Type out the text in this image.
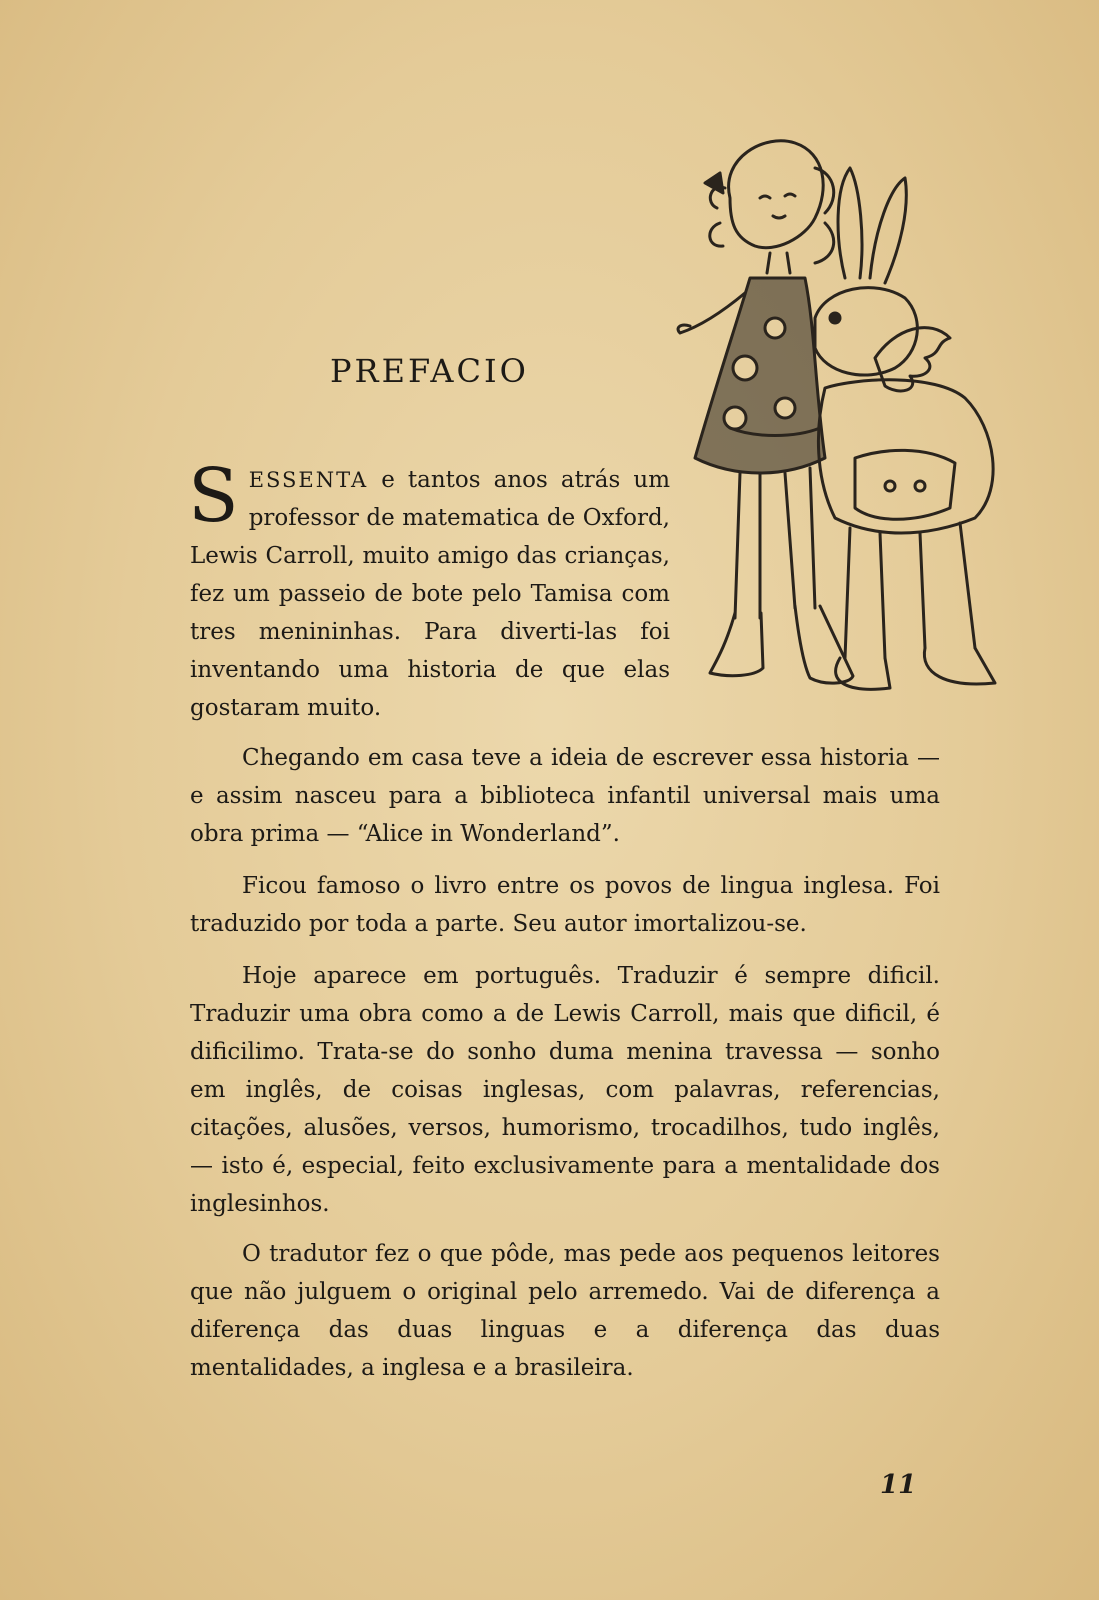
PREFACIO

SESSENTA e tantos anos atrás um professor de matematica de Oxford, Lewis Carroll, muito amigo das crianças, fez um passeio de bote pelo Tamisa com tres menininhas. Para diverti-las foi inventando uma historia de que elas gostaram muito.

Chegando em casa teve a ideia de escrever essa historia — e assim nasceu para a biblioteca infantil universal mais uma obra prima — “Alice in Wonderland”.

Ficou famoso o livro entre os povos de lingua inglesa. Foi traduzido por toda a parte. Seu autor imortalizou-se.

Hoje aparece em português. Traduzir é sempre dificil. Traduzir uma obra como a de Lewis Carroll, mais que dificil, é dificilimo. Trata-se do sonho duma menina travessa — sonho em inglês, de coisas inglesas, com palavras, referencias, citações, alusões, versos, humorismo, trocadilhos, tudo inglês, — isto é, especial, feito exclusivamente para a mentalidade dos inglesinhos.

O tradutor fez o que pôde, mas pede aos pequenos leitores que não julguem o original pelo arremedo. Vai de diferença a diferença das duas linguas e a diferença das duas mentalidades, a inglesa e a brasileira.

11
